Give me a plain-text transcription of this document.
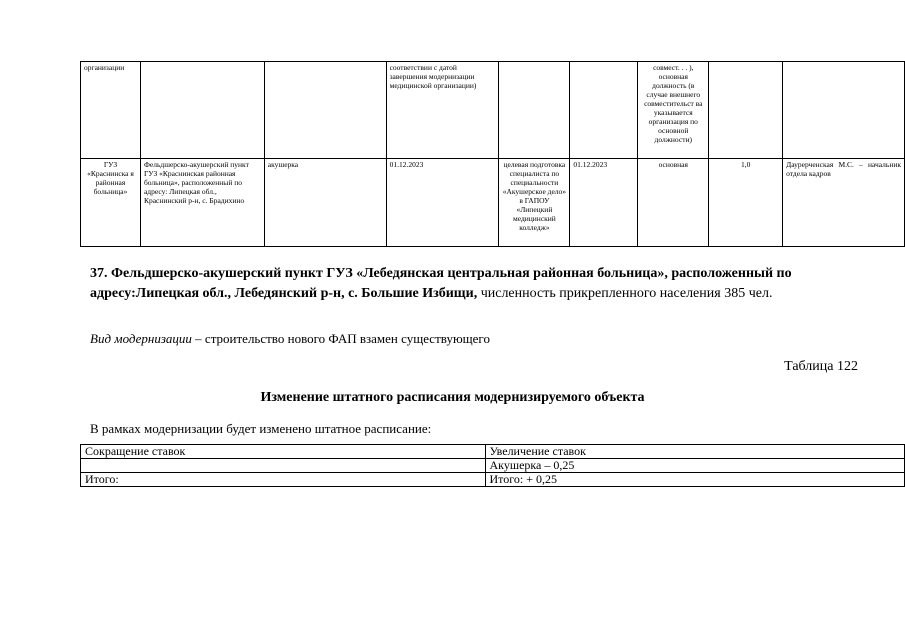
организации			соответствии с датой завершения модернизации медицинской организации)			совмест. . . ), основная должность (в случае внешнего совместительст ва указывается организация по основной должности)		
ГУЗ «Краснинска я районная больница»	Фельдшерско-акушерский пункт ГУЗ «Краснинская районная больница», расположенный по адресу: Липецкая обл., Краснинский р-н, с. Брадихино	акушерка	01.12.2023	целевая подготовка специалиста по специальности «Акушерское дело» в ГАПОУ «Липецкий медицинский колледж»	01.12.2023	основная	1,0	Даурерченская М.С. – начальник отдела кадров
37. Фельдшерско-акушерский пункт ГУЗ «Лебедянская центральная районная больница», расположенный по адресу:Липецкая обл., Лебедянский р-н, с. Большие Избищи, численность прикрепленного населения 385 чел.
Вид модернизации – строительство нового ФАП взамен существующего
Таблица 122
Изменение штатного расписания модернизируемого объекта
В рамках модернизации будет изменено штатное расписание:
Сокращение ставок	Увеличение ставок
	Акушерка – 0,25
Итого:	Итого: + 0,25
